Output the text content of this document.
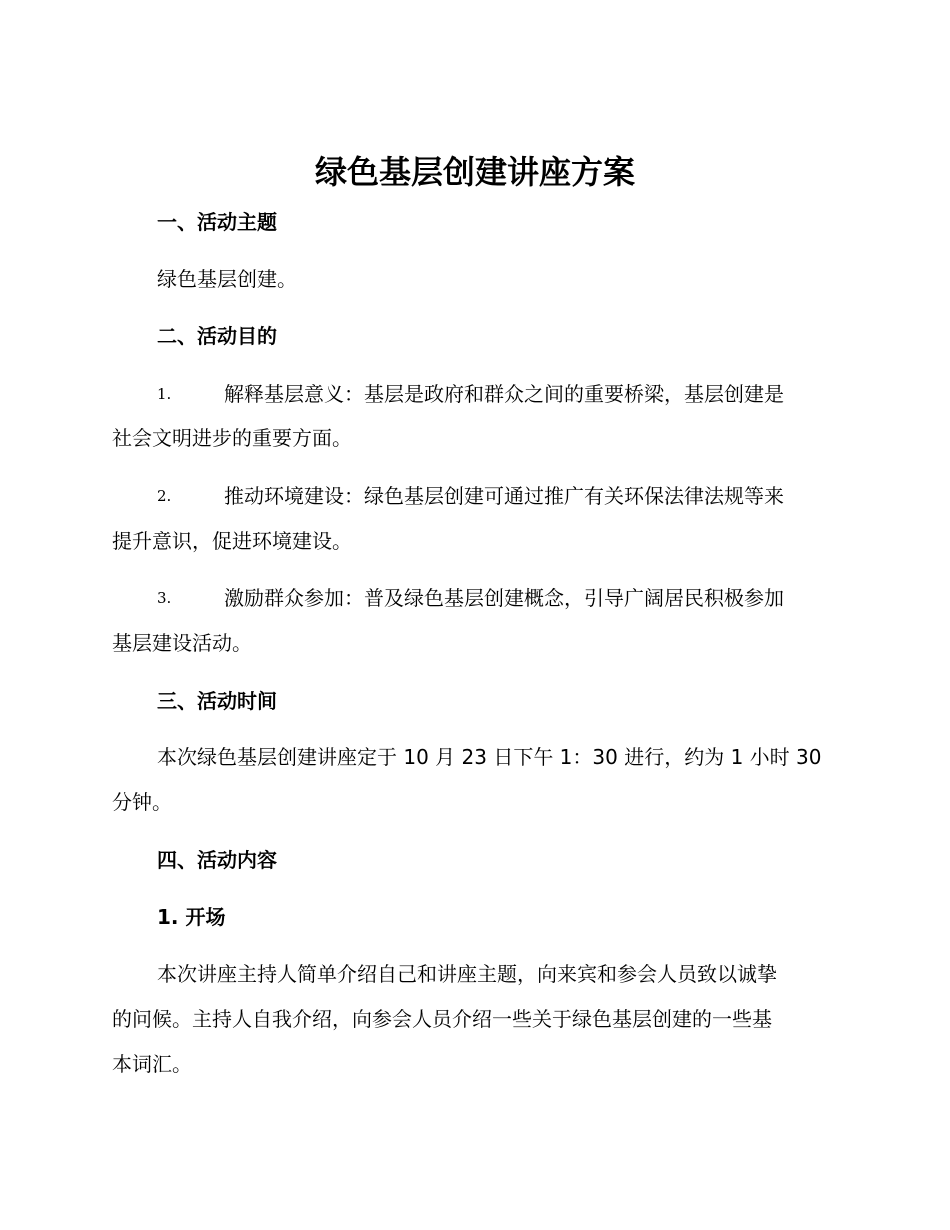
绿色基层创建讲座方案
一、活动主题
绿色基层创建。
二、活动目的
1.	解释基层意义：基层是政府和群众之间的重要桥梁，基层创建是
社会文明进步的重要方面。
2.	推动环境建设：绿色基层创建可通过推广有关环保法律法规等来
提升意识，促进环境建设。
3.	激励群众参加：普及绿色基层创建概念，引导广阔居民积极参加
基层建设活动。
三、活动时间
本次绿色基层创建讲座定于 10 月 23 日下午 1：30 进行，约为 1 小时 30
分钟。
四、活动内容
1. 开场
本次讲座主持人简单介绍自己和讲座主题，向来宾和参会人员致以诚挚
的问候。主持人自我介绍，向参会人员介绍一些关于绿色基层创建的一些基
本词汇。
